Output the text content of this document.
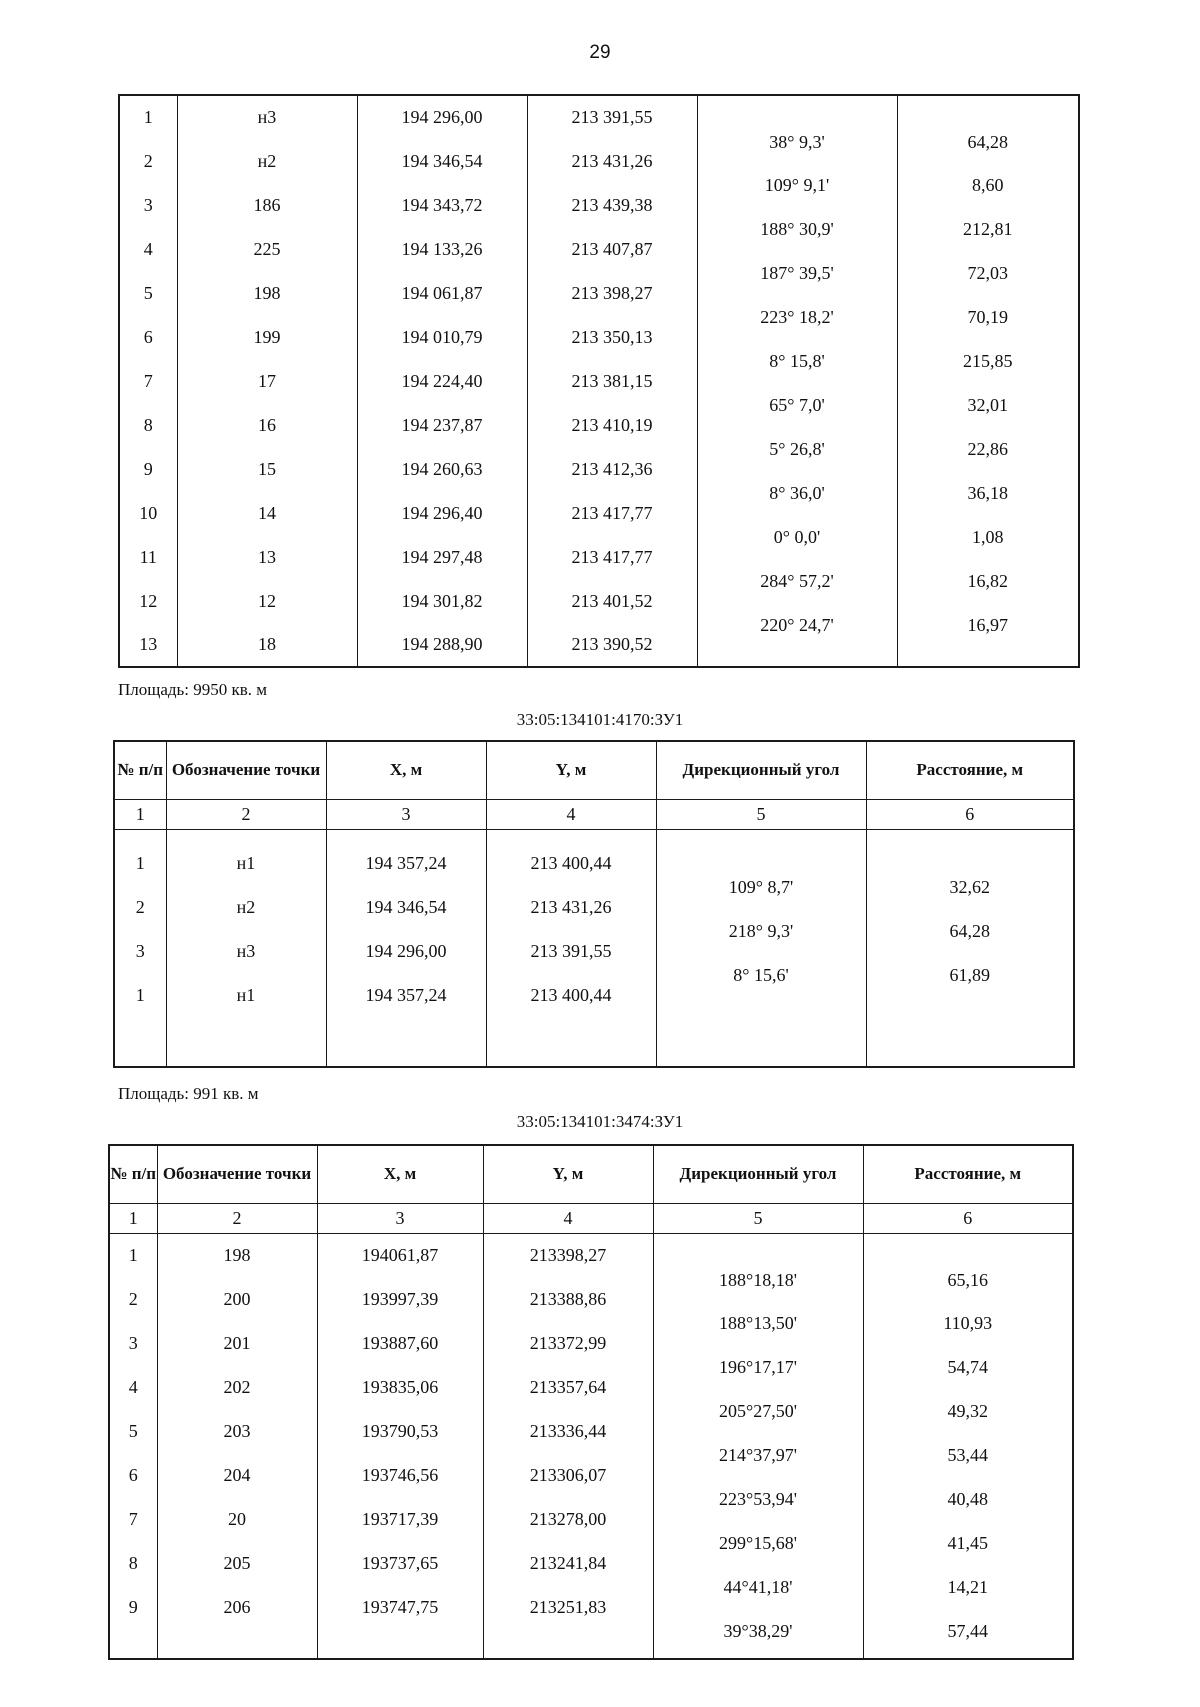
29
1	н3	194 296,00	213 391,55	38° 9,3'	64,28

2	н2	194 346,54	213 431,26	109° 9,1'	8,60

3	186	194 343,72	213 439,38	188° 30,9'	212,81

4	225	194 133,26	213 407,87	187° 39,5'	72,03

5	198	194 061,87	213 398,27	223° 18,2'	70,19

6	199	194 010,79	213 350,13	8° 15,8'	215,85

7	17	194 224,40	213 381,15	65° 7,0'	32,01

8	16	194 237,87	213 410,19	5° 26,8'	22,86

9	15	194 260,63	213 412,36	8° 36,0'	36,18

10	14	194 296,40	213 417,77	0° 0,0'	1,08

11	13	194 297,48	213 417,77	284° 57,2'	16,82

12	12	194 301,82	213 401,52	220° 24,7'	16,97

13	18	194 288,90	213 390,52		
Площадь: 9950 кв. м
33:05:134101:4170:ЗУ1
№ п/п	Обозначение точки	X, м	Y, м	Дирекционный угол	Расстояние, м
1	2	3	4	5	6

1	н1	194 357,24	213 400,44	109° 8,7'	32,62

2	н2	194 346,54	213 431,26	218° 9,3'	64,28

3	н3	194 296,00	213 391,55	8° 15,6'	61,89

1	н1	194 357,24	213 400,44		

Площадь: 991 кв. м
33:05:134101:3474:ЗУ1
№ п/п	Обозначение точки	X, м	Y, м	Дирекционный угол	Расстояние, м
1	2	3	4	5	6
1	198	194061,87	213398,27	188°18,18'	65,16

2	200	193997,39	213388,86	188°13,50'	110,93

3	201	193887,60	213372,99	196°17,17'	54,74

4	202	193835,06	213357,64	205°27,50'	49,32

5	203	193790,53	213336,44	214°37,97'	53,44

6	204	193746,56	213306,07	223°53,94'	40,48

7	20	193717,39	213278,00	299°15,68'	41,45

8	205	193737,65	213241,84	44°41,18'	14,21

9	206	193747,75	213251,83	39°38,29'	57,44
